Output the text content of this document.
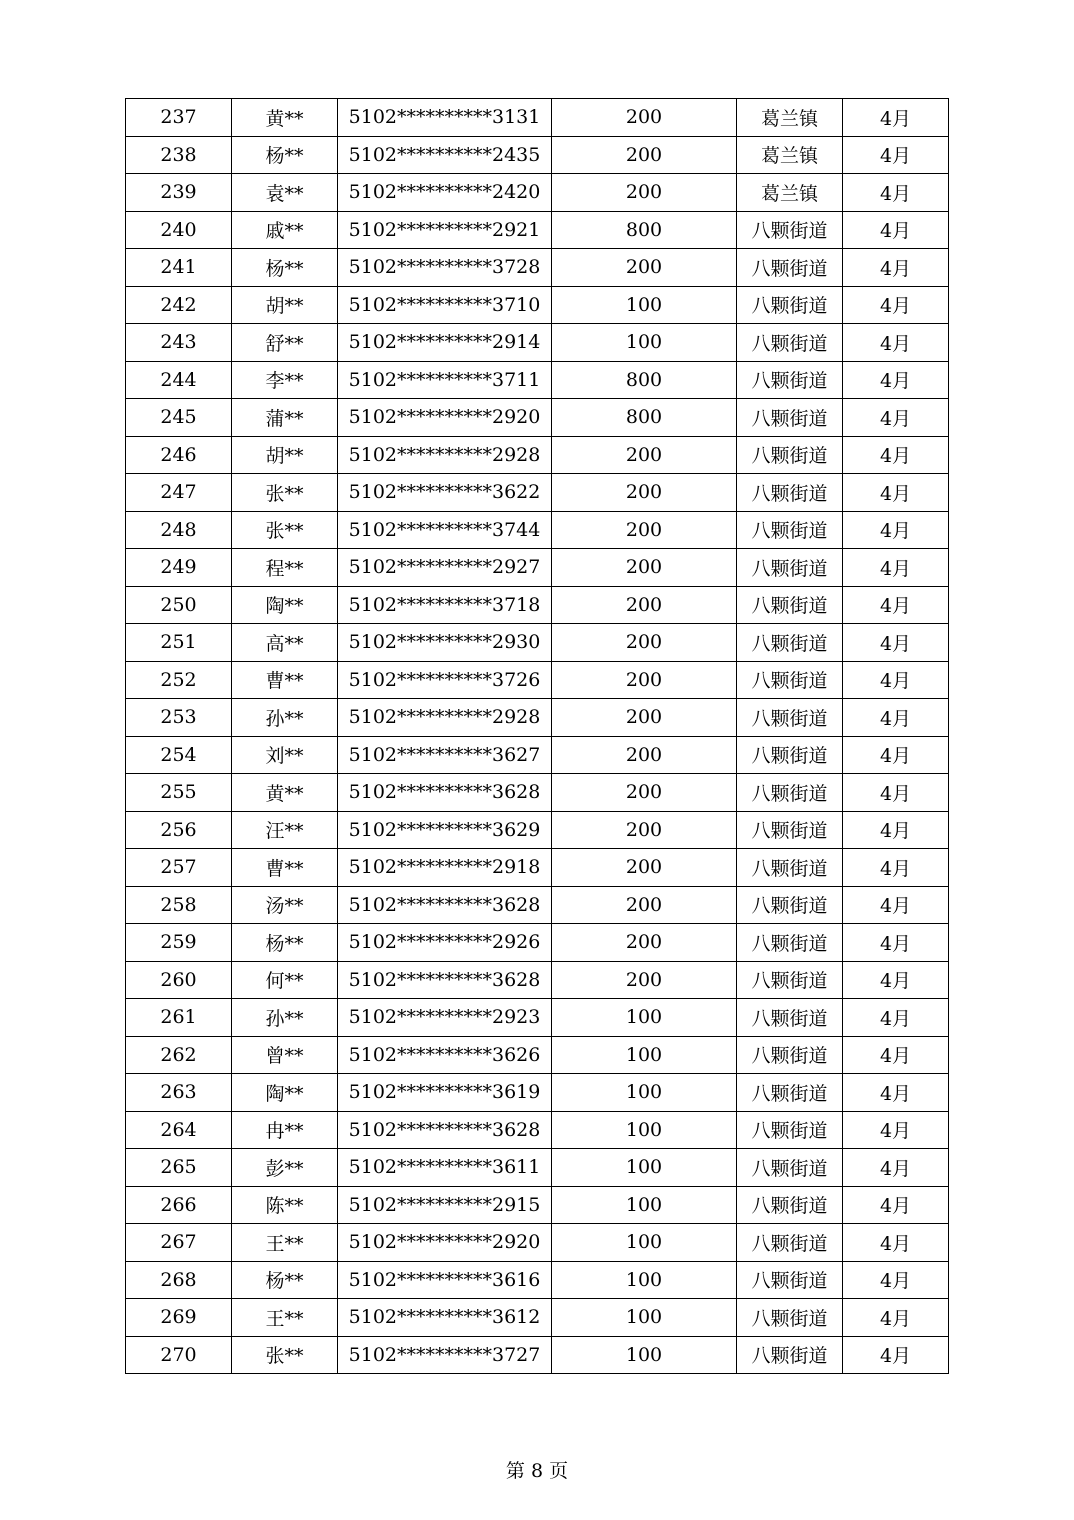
237	黄**	5102**********3131	200	葛兰镇	4月
238	杨**	5102**********2435	200	葛兰镇	4月
239	袁**	5102**********2420	200	葛兰镇	4月
240	戚**	5102**********2921	800	八颗街道	4月
241	杨**	5102**********3728	200	八颗街道	4月
242	胡**	5102**********3710	100	八颗街道	4月
243	舒**	5102**********2914	100	八颗街道	4月
244	李**	5102**********3711	800	八颗街道	4月
245	蒲**	5102**********2920	800	八颗街道	4月
246	胡**	5102**********2928	200	八颗街道	4月
247	张**	5102**********3622	200	八颗街道	4月
248	张**	5102**********3744	200	八颗街道	4月
249	程**	5102**********2927	200	八颗街道	4月
250	陶**	5102**********3718	200	八颗街道	4月
251	高**	5102**********2930	200	八颗街道	4月
252	曹**	5102**********3726	200	八颗街道	4月
253	孙**	5102**********2928	200	八颗街道	4月
254	刘**	5102**********3627	200	八颗街道	4月
255	黄**	5102**********3628	200	八颗街道	4月
256	汪**	5102**********3629	200	八颗街道	4月
257	曹**	5102**********2918	200	八颗街道	4月
258	汤**	5102**********3628	200	八颗街道	4月
259	杨**	5102**********2926	200	八颗街道	4月
260	何**	5102**********3628	200	八颗街道	4月
261	孙**	5102**********2923	100	八颗街道	4月
262	曾**	5102**********3626	100	八颗街道	4月
263	陶**	5102**********3619	100	八颗街道	4月
264	冉**	5102**********3628	100	八颗街道	4月
265	彭**	5102**********3611	100	八颗街道	4月
266	陈**	5102**********2915	100	八颗街道	4月
267	王**	5102**********2920	100	八颗街道	4月
268	杨**	5102**********3616	100	八颗街道	4月
269	王**	5102**********3612	100	八颗街道	4月
270	张**	5102**********3727	100	八颗街道	4月
第 8 页
